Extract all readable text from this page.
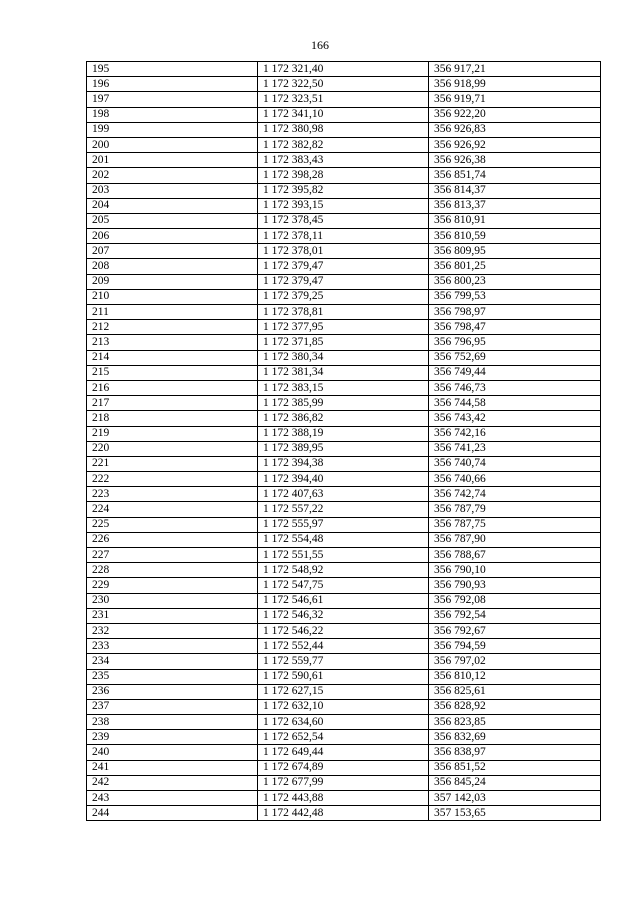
166
195	1 172 321,40	356 917,21
196	1 172 322,50	356 918,99
197	1 172 323,51	356 919,71
198	1 172 341,10	356 922,20
199	1 172 380,98	356 926,83
200	1 172 382,82	356 926,92
201	1 172 383,43	356 926,38
202	1 172 398,28	356 851,74
203	1 172 395,82	356 814,37
204	1 172 393,15	356 813,37
205	1 172 378,45	356 810,91
206	1 172 378,11	356 810,59
207	1 172 378,01	356 809,95
208	1 172 379,47	356 801,25
209	1 172 379,47	356 800,23
210	1 172 379,25	356 799,53
211	1 172 378,81	356 798,97
212	1 172 377,95	356 798,47
213	1 172 371,85	356 796,95
214	1 172 380,34	356 752,69
215	1 172 381,34	356 749,44
216	1 172 383,15	356 746,73
217	1 172 385,99	356 744,58
218	1 172 386,82	356 743,42
219	1 172 388,19	356 742,16
220	1 172 389,95	356 741,23
221	1 172 394,38	356 740,74
222	1 172 394,40	356 740,66
223	1 172 407,63	356 742,74
224	1 172 557,22	356 787,79
225	1 172 555,97	356 787,75
226	1 172 554,48	356 787,90
227	1 172 551,55	356 788,67
228	1 172 548,92	356 790,10
229	1 172 547,75	356 790,93
230	1 172 546,61	356 792,08
231	1 172 546,32	356 792,54
232	1 172 546,22	356 792,67
233	1 172 552,44	356 794,59
234	1 172 559,77	356 797,02
235	1 172 590,61	356 810,12
236	1 172 627,15	356 825,61
237	1 172 632,10	356 828,92
238	1 172 634,60	356 823,85
239	1 172 652,54	356 832,69
240	1 172 649,44	356 838,97
241	1 172 674,89	356 851,52
242	1 172 677,99	356 845,24
243	1 172 443,88	357 142,03
244	1 172 442,48	357 153,65
